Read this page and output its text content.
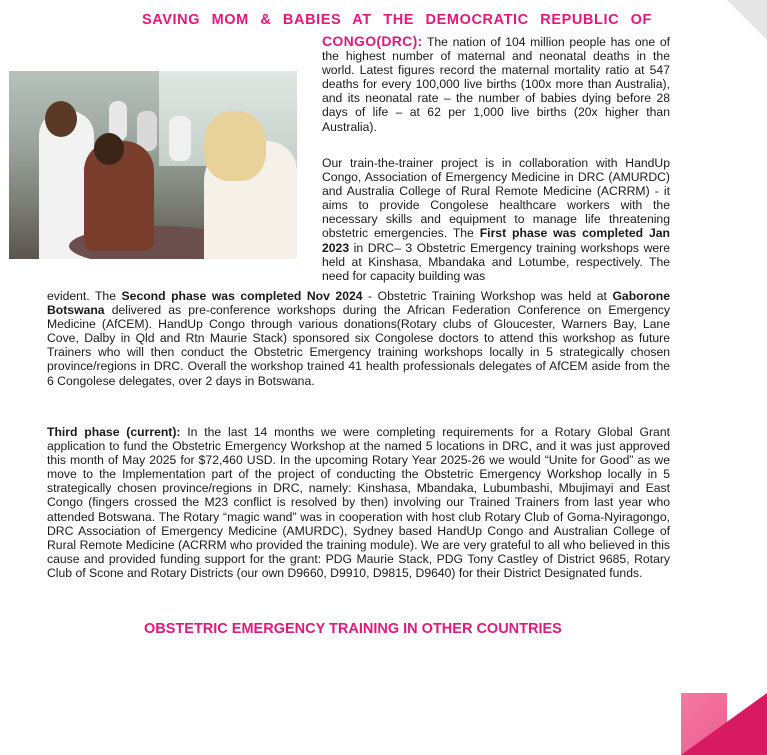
SAVING MOM & BABIES AT THE DEMOCRATIC REPUBLIC OF

CONGO(DRC): The nation of 104 million people has one of the highest number of maternal and neonatal deaths in the world. Latest figures record the maternal mortality ratio at 547 deaths for every 100,000 live births (100x more than Australia), and its neonatal rate – the number of babies dying before 28 days of life – at 62 per 1,000 live births (20x higher than Australia).

Our train-the-trainer project is in collaboration with HandUp Congo, Association of Emergency Medicine in DRC (AMURDC) and Australia College of Rural Remote Medicine (ACRRM) - it aims to provide Congolese healthcare workers with the necessary skills and equipment to manage life threatening obstetric emergencies. The First phase was completed Jan 2023 in DRC– 3 Obstetric Emergency training workshops were held at Kinshasa, Mbandaka and Lotumbe, respectively. The need for capacity building was

evident. The Second phase was completed Nov 2024 - Obstetric Training Workshop was held at Gaborone Botswana delivered as pre-conference workshops during the African Federation Conference on Emergency Medicine (AfCEM). HandUp Congo through various donations(Rotary clubs of Gloucester, Warners Bay, Lane Cove, Dalby in Qld and Rtn Maurie Stack) sponsored six Congolese doctors to attend this workshop as future Trainers who will then conduct the Obstetric Emergency training workshops locally in 5 strategically chosen province/regions in DRC. Overall the workshop trained 41 health professionals delegates of AfCEM aside from the 6 Congolese delegates, over 2 days in Botswana.

Third phase (current): In the last 14 months we were completing requirements for a Rotary Global Grant application to fund the Obstetric Emergency Workshop at the named 5 locations in DRC, and it was just approved this month of May 2025 for $72,460 USD. In the upcoming Rotary Year 2025-26 we would “Unite for Good” as we move to the Implementation part of the project of conducting the Obstetric Emergency Workshop locally in 5 strategically chosen province/regions in DRC, namely: Kinshasa, Mbandaka, Lubumbashi, Mbujimayi and East Congo (fingers crossed the M23 conflict is resolved by then) involving our Trained Trainers from last year who attended Botswana. The Rotary “magic wand” was in cooperation with host club Rotary Club of Goma-Nyiragongo, DRC Association of Emergency Medicine (AMURDC), Sydney based HandUp Congo and Australian College of Rural Remote Medicine (ACRRM who provided the training module). We are very grateful to all who believed in this cause and provided funding support for the grant: PDG Maurie Stack, PDG Tony Castley of District 9685, Rotary Club of Scone and Rotary Districts (our own D9660, D9910, D9815, D9640) for their District Designated funds.

OBSTETRIC EMERGENCY TRAINING IN OTHER COUNTRIES
